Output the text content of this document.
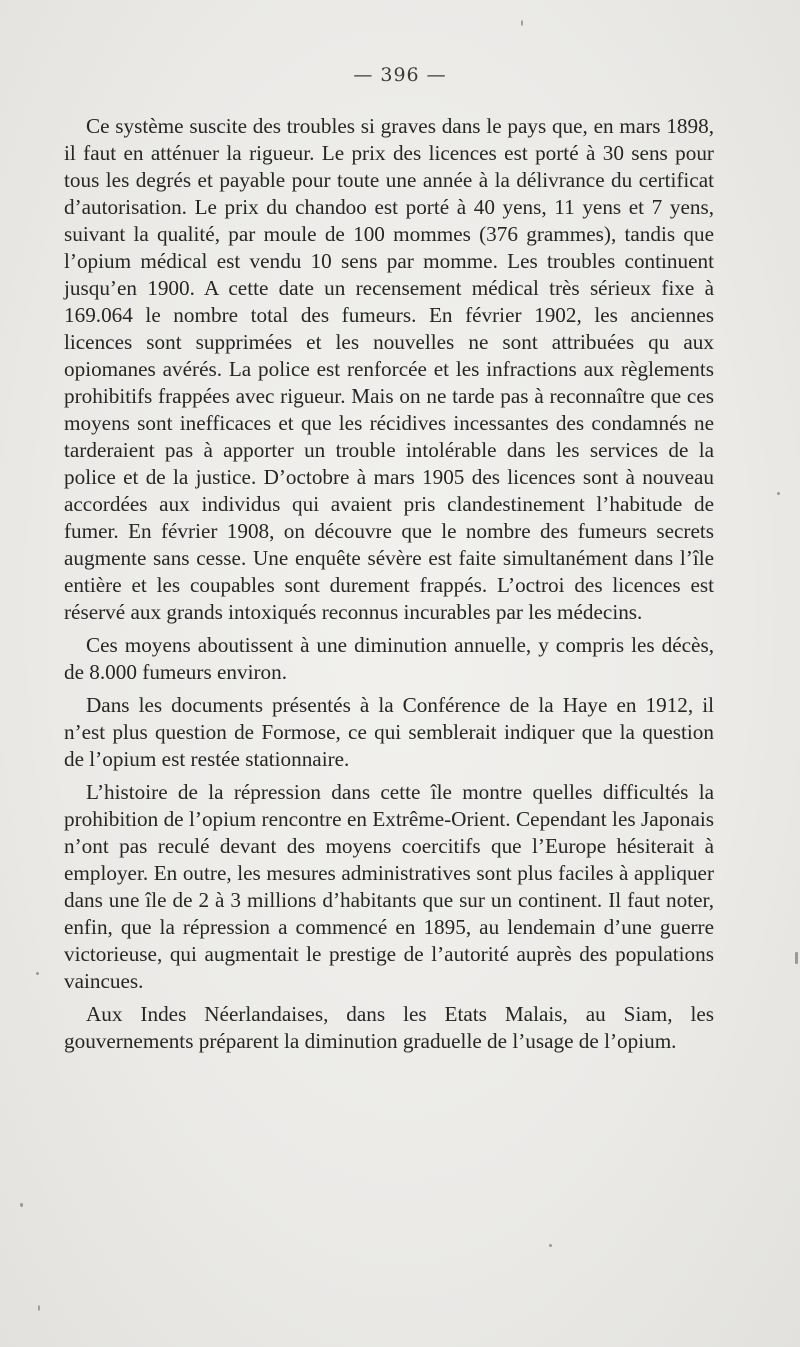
— 396 —

Ce système suscite des troubles si graves dans le pays que, en mars 1898, il faut en atténuer la rigueur. Le prix des licences est porté à 30 sens pour tous les degrés et payable pour toute une année à la délivrance du certificat d’autorisation. Le prix du chandoo est porté à 40 yens, 11 yens et 7 yens, suivant la qualité, par moule de 100 mommes (376 grammes), tandis que l’opium médical est vendu 10 sens par momme. Les troubles continuent jusqu’en 1900. A cette date un recensement médical très sérieux fixe à 169.064 le nombre total des fumeurs. En février 1902, les anciennes licences sont supprimées et les nouvelles ne sont attribuées qu aux opiomanes avérés. La police est renforcée et les infractions aux règlements prohibitifs frappées avec rigueur. Mais on ne tarde pas à reconnaître que ces moyens sont inefficaces et que les récidives incessantes des condamnés ne tarderaient pas à apporter un trouble intolérable dans les services de la police et de la justice. D’octobre à mars 1905 des licences sont à nouveau accordées aux individus qui avaient pris clandestinement l’habitude de fumer. En février 1908, on découvre que le nombre des fumeurs secrets augmente sans cesse. Une enquête sévère est faite simultanément dans l’île entière et les coupables sont durement frappés. L’octroi des licences est réservé aux grands intoxiqués reconnus incurables par les médecins.

Ces moyens aboutissent à une diminution annuelle, y compris les décès, de 8.000 fumeurs environ.

Dans les documents présentés à la Conférence de la Haye en 1912, il n’est plus question de Formose, ce qui semblerait indiquer que la question de l’opium est restée stationnaire.

L’histoire de la répression dans cette île montre quelles difficultés la prohibition de l’opium rencontre en Extrême-Orient. Cependant les Japonais n’ont pas reculé devant des moyens coercitifs que l’Europe hésiterait à employer. En outre, les mesures administratives sont plus faciles à appliquer dans une île de 2 à 3 millions d’habitants que sur un continent. Il faut noter, enfin, que la répression a commencé en 1895, au lendemain d’une guerre victorieuse, qui augmentait le prestige de l’autorité auprès des populations vaincues.

Aux Indes Néerlandaises, dans les Etats Malais, au Siam, les gouvernements préparent la diminution graduelle de l’usage de l’opium.
